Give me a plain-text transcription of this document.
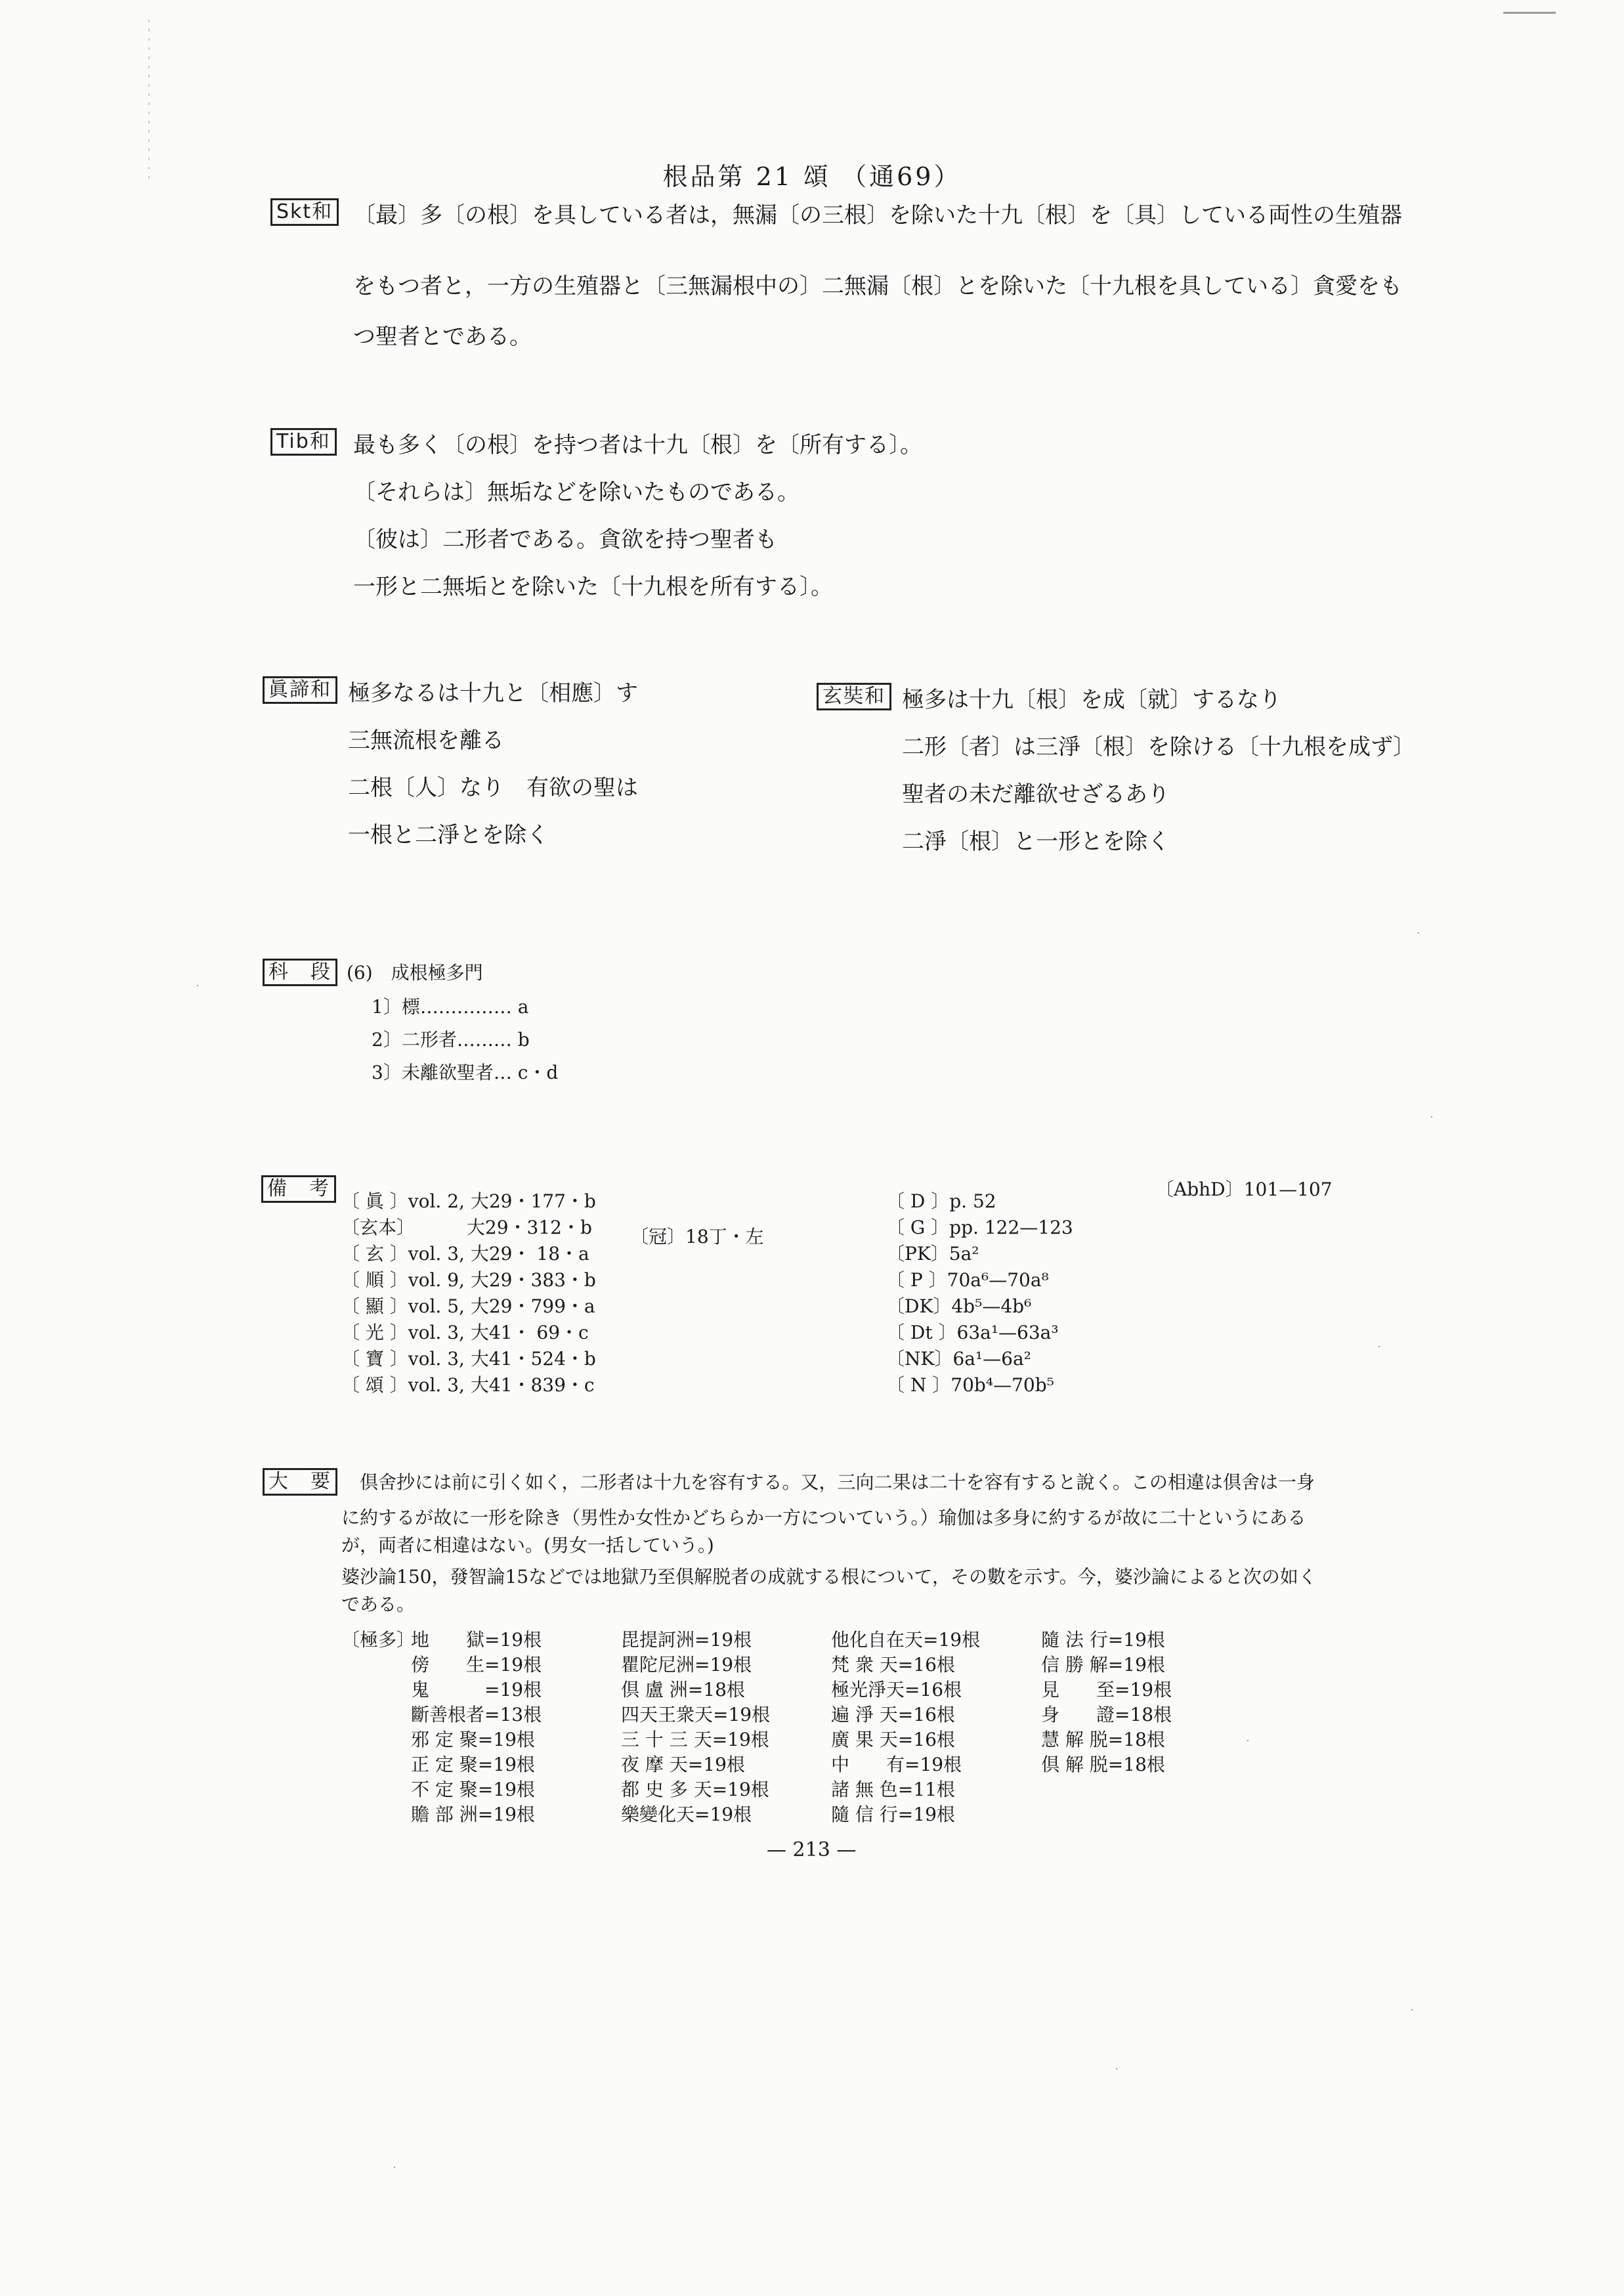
根品第 21 頌 （通69）
Skt和 〔最〕多〔の根〕を具している者は，無漏〔の三根〕を除いた十九〔根〕を〔具〕している両性の生殖器
をもつ者と，一方の生殖器と〔三無漏根中の〕二無漏〔根〕とを除いた〔十九根を具している〕貪愛をも
つ聖者とである。
Tib和 最も多く〔の根〕を持つ者は十九〔根〕を〔所有する〕。
〔それらは〕無垢などを除いたものである。
〔彼は〕二形者である。貪欲を持つ聖者も
一形と二無垢とを除いた〔十九根を所有する〕。
眞諦和 極多なるは十九と〔相應〕す
三無流根を離る
二根〔人〕なり　有欲の聖は
一根と二淨とを除く
玄奘和 極多は十九〔根〕を成〔就〕するなり
二形〔者〕は三淨〔根〕を除ける〔十九根を成ず〕
聖者の未だ離欲せざるあり
二淨〔根〕と一形とを除く
科　段 (6)　成根極多門
1〕標…………… a
2〕二形者……… b
3〕未離欲聖者… c・d
備　考
〔冠〕18丁・左
〔AbhD〕101—107
大　要 　倶舍抄には前に引く如く，二形者は十九を容有する。又，三向二果は二十を容有すると說く。この相違は倶舍は一身
に約するが故に一形を除き（男性か女性かどちらか一方についていう。）瑜伽は多身に約するが故に二十というにある
が，両者に相違はない。(男女一括していう。)
婆沙論150，發智論15などでは地獄乃至倶解脱者の成就する根について，その數を示す。今，婆沙論によると次の如く
である。
〔極多〕
— 213 —
〔 眞 〕vol. 2, 大29・177・b
〔玄本〕　　　 大29・312・b
〔 玄 〕vol. 3, 大29・ 18・a
〔 順 〕vol. 9, 大29・383・b
〔 顯 〕vol. 5, 大29・799・a
〔 光 〕vol. 3, 大41・ 69・c
〔 寶 〕vol. 3, 大41・524・b
〔 頌 〕vol. 3, 大41・839・c
〔 D 〕p. 52
〔 G 〕pp. 122—123
〔PK〕5a²
〔 P 〕70a⁶—70a⁸
〔DK〕4b⁵—4b⁶
〔 Dt 〕63a¹—63a³
〔NK〕6a¹—6a²
〔 N 〕70b⁴—70b⁵
地　　獄=19根
傍　　生=19根
鬼　　　=19根
斷善根者=13根
邪 定 聚=19根
正 定 聚=19根
不 定 聚=19根
贍 部 洲=19根
毘提訶洲=19根
瞿陀尼洲=19根
倶 盧 洲=18根
四天王衆天=19根
三 十 三 天=19根
夜 摩 天=19根
都 史 多 天=19根
樂變化天=19根
他化自在天=19根
梵 衆 天=16根
極光淨天=16根
遍 淨 天=16根
廣 果 天=16根
中　　有=19根
諸 無 色=11根
隨 信 行=19根
隨 法 行=19根
信 勝 解=19根
見　　至=19根
身　　證=18根
慧 解 脱=18根
倶 解 脱=18根
